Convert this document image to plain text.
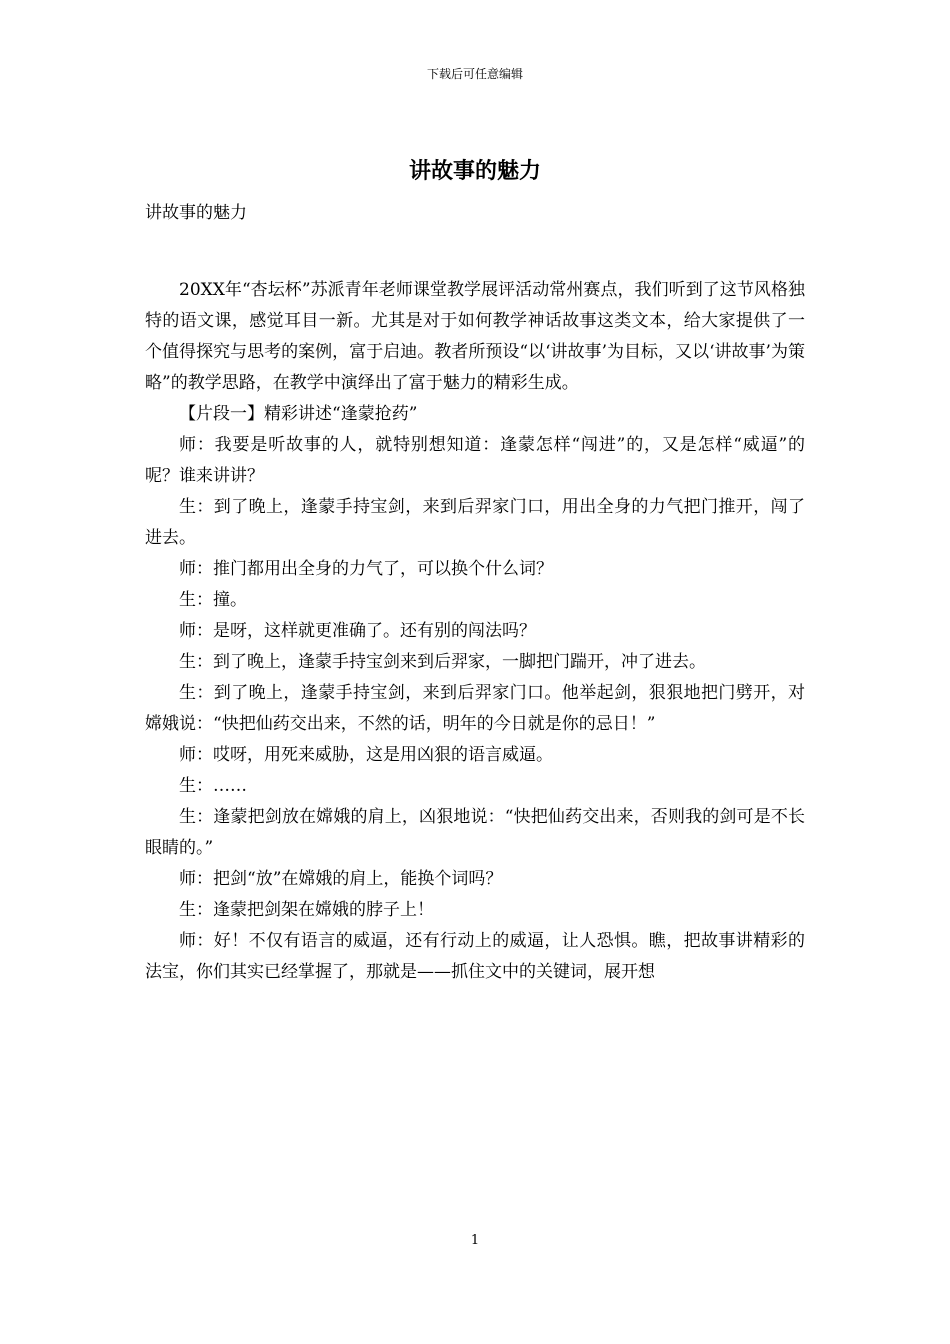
下载后可任意编辑
讲故事的魅力

讲故事的魅力

20XX年“杏坛杯”苏派青年老师课堂教学展评活动常州赛点，我们听到了这节风格独特的语文课，感觉耳目一新。尤其是对于如何教学神话故事这类文本，给大家提供了一个值得探究与思考的案例，富于启迪。教者所预设“以‘讲故事’为目标，又以‘讲故事’为策略”的教学思路，在教学中演绎出了富于魅力的精彩生成。

【片段一】精彩讲述“逢蒙抢药”

师：我要是听故事的人，就特别想知道：逢蒙怎样“闯进”的，又是怎样“威逼”的呢？谁来讲讲？

生：到了晚上，逢蒙手持宝剑，来到后羿家门口，用出全身的力气把门推开，闯了进去。

师：推门都用出全身的力气了，可以换个什么词？

生：撞。

师：是呀，这样就更准确了。还有别的闯法吗？

生：到了晚上，逢蒙手持宝剑来到后羿家，一脚把门踹开，冲了进去。

生：到了晚上，逢蒙手持宝剑，来到后羿家门口。他举起剑，狠狠地把门劈开，对嫦娥说：“快把仙药交出来，不然的话，明年的今日就是你的忌日！”

师：哎呀，用死来威胁，这是用凶狠的语言威逼。

生：……

生：逢蒙把剑放在嫦娥的肩上，凶狠地说：“快把仙药交出来，否则我的剑可是不长眼睛的。”

师：把剑“放”在嫦娥的肩上，能换个词吗？

生：逢蒙把剑架在嫦娥的脖子上！

师：好！不仅有语言的威逼，还有行动上的威逼，让人恐惧。瞧，把故事讲精彩的法宝，你们其实已经掌握了，那就是——抓住文中的关键词，展开想

1
